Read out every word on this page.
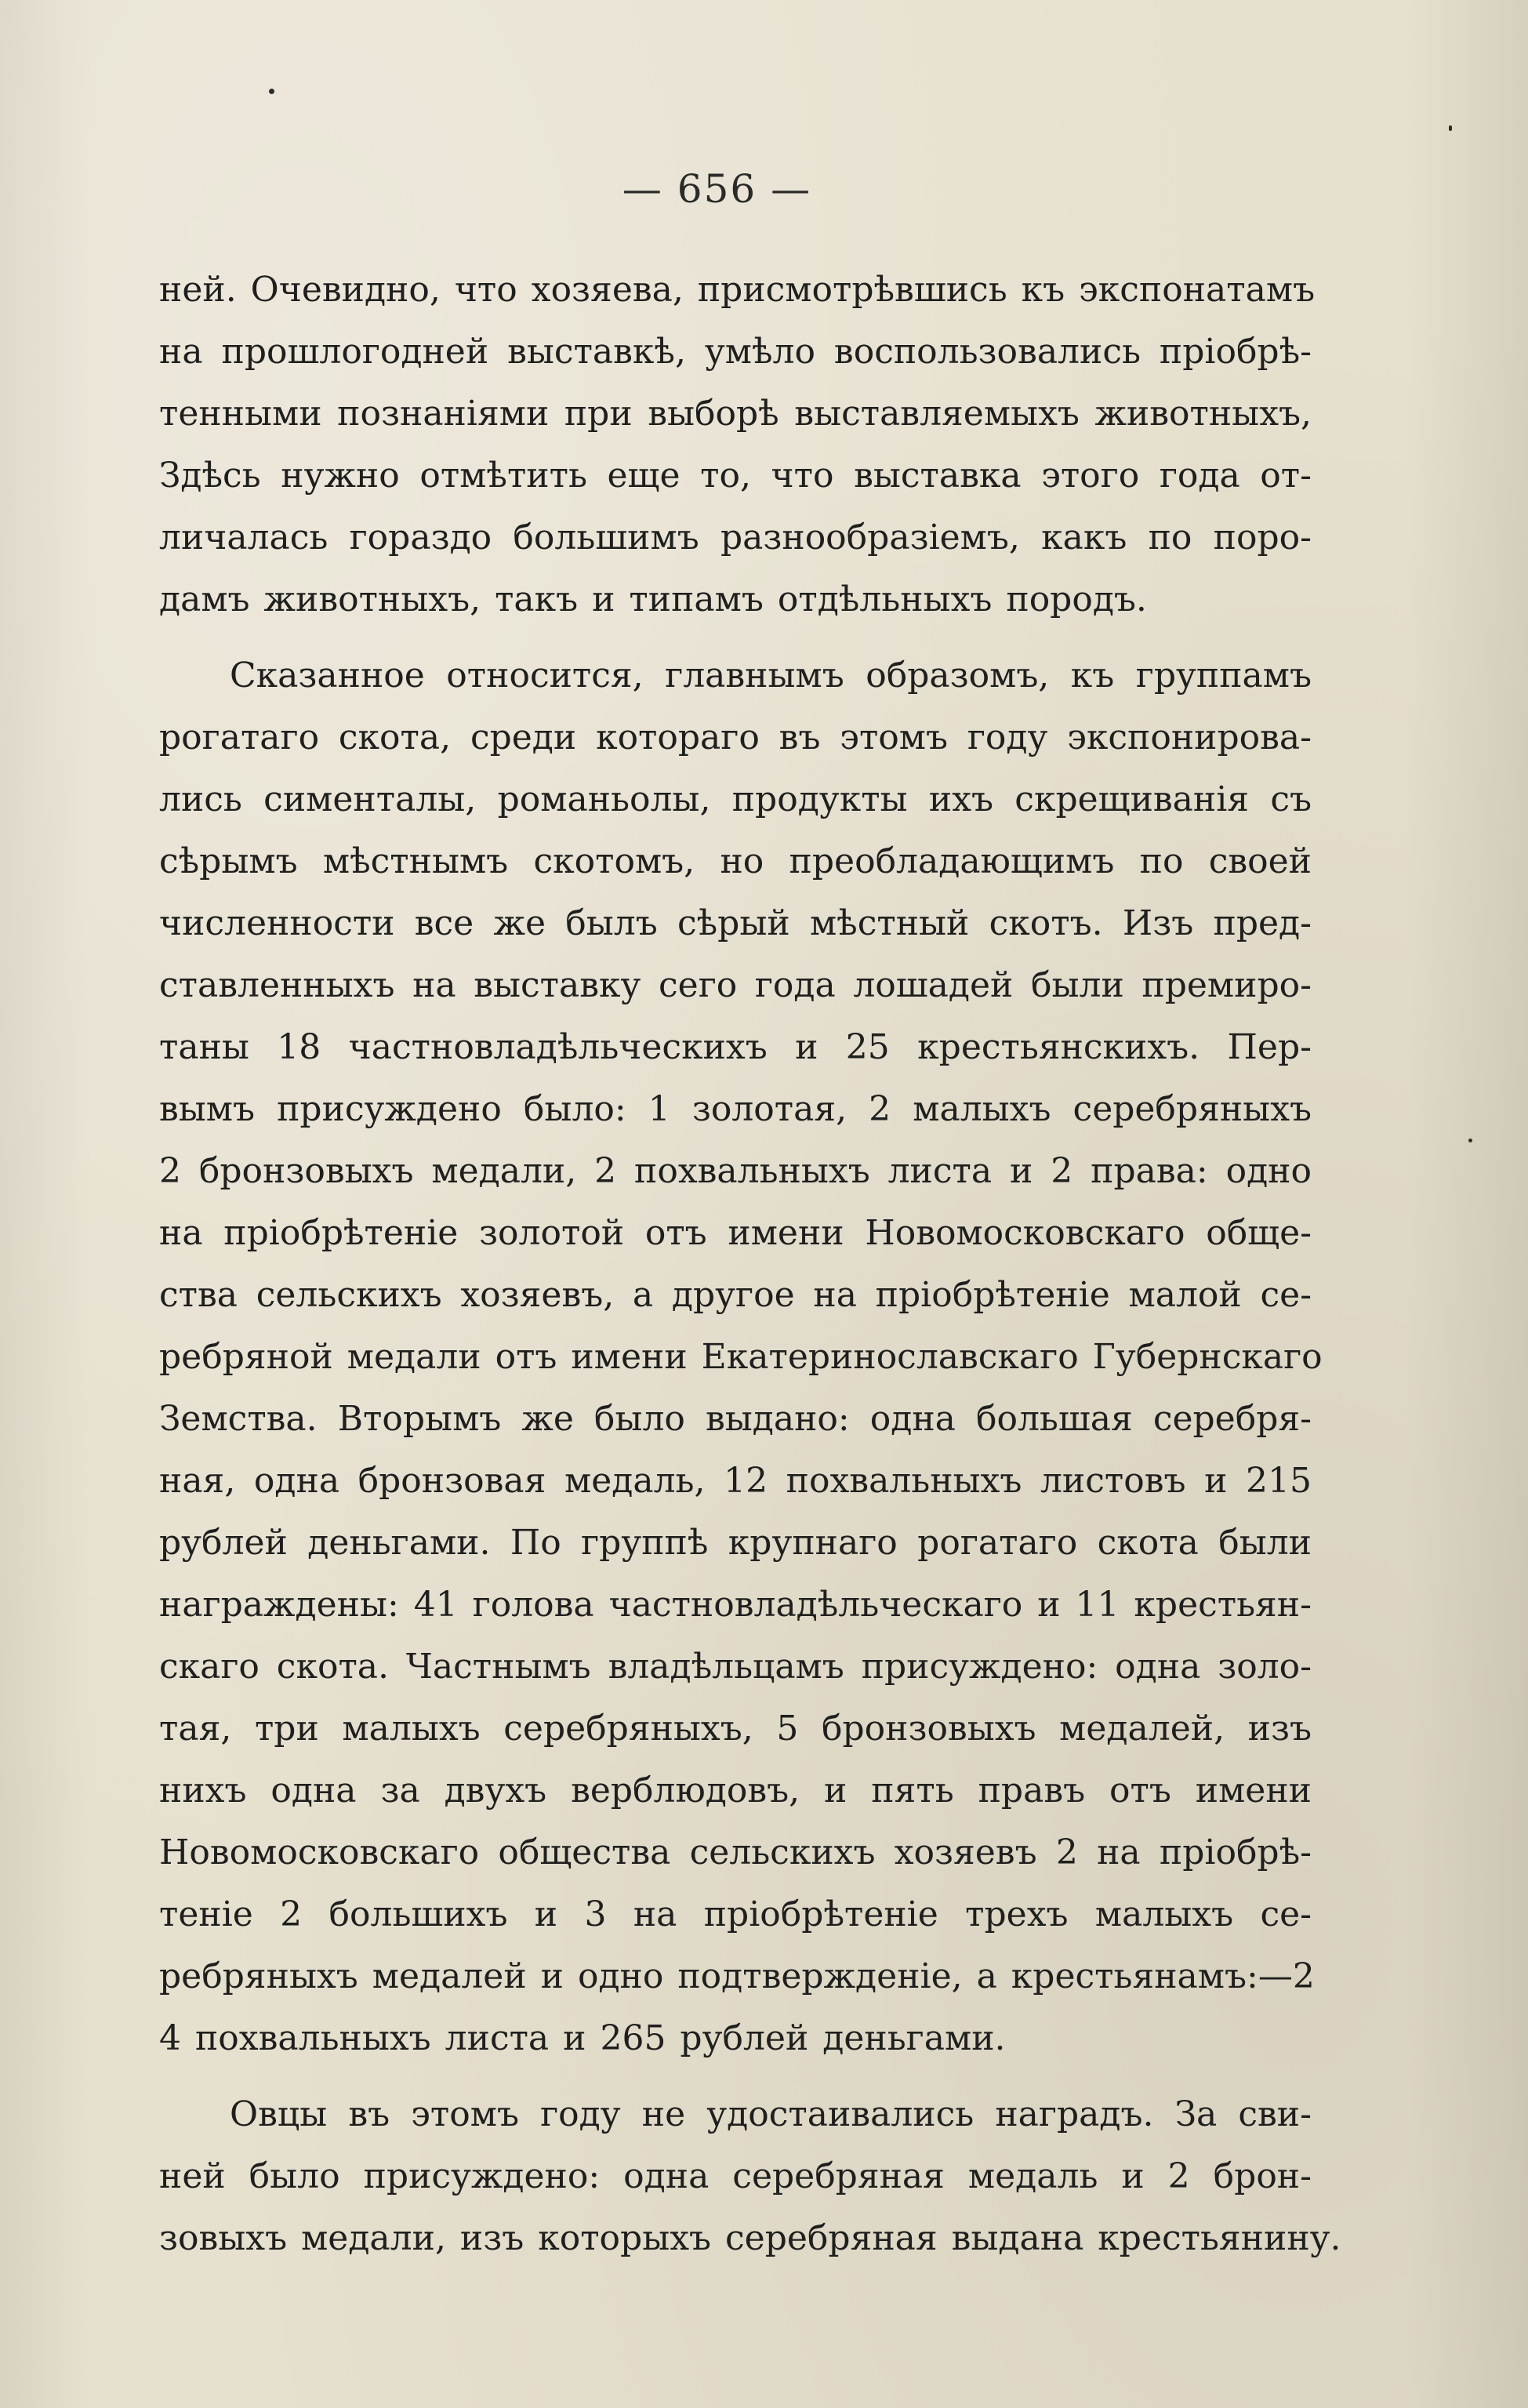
— 656 —
ней. Очевидно, что хозяева, присмотрѣвшись къ экспонатамъ
на прошлогодней выставкѣ, умѣло воспользовались пріобрѣ-
тенными познаніями при выборѣ выставляемыхъ животныхъ,
Здѣсь нужно отмѣтить еще то, что выставка этого года от-
личалась гораздо большимъ разнообразіемъ, какъ по поро-
дамъ животныхъ, такъ и типамъ отдѣльныхъ породъ.
Сказанное относится, главнымъ образомъ, къ группамъ
рогатаго скота, среди котораго въ этомъ году экспонирова-
лись сименталы, романьолы, продукты ихъ скрещиванія съ
сѣрымъ мѣстнымъ скотомъ, но преобладающимъ по своей
численности все же былъ сѣрый мѣстный скотъ. Изъ пред-
ставленныхъ на выставку сего года лошадей были премиро-
таны 18 частновладѣльческихъ и 25 крестьянскихъ. Пер-
вымъ присуждено было: 1 золотая, 2 малыхъ серебряныхъ
2 бронзовыхъ медали, 2 похвальныхъ листа и 2 права: одно
на пріобрѣтеніе золотой отъ имени Новомосковскаго обще-
ства сельскихъ хозяевъ, а другое на пріобрѣтеніе малой се-
ребряной медали отъ имени Екатеринославскаго Губернскаго
Земства. Вторымъ же было выдано: одна большая серебря-
ная, одна бронзовая медаль, 12 похвальныхъ листовъ и 215
рублей деньгами. По группѣ крупнаго рогатаго скота были
награждены: 41 голова частновладѣльческаго и 11 крестьян-
скаго скота. Частнымъ владѣльцамъ присуждено: одна золо-
тая, три малыхъ серебряныхъ, 5 бронзовыхъ медалей, изъ
нихъ одна за двухъ верблюдовъ, и пять правъ отъ имени
Новомосковскаго общества сельскихъ хозяевъ 2 на пріобрѣ-
теніе 2 большихъ и 3 на пріобрѣтеніе трехъ малыхъ се-
ребряныхъ медалей и одно подтвержденіе, а крестьянамъ:—2
4 похвальныхъ листа и 265 рублей деньгами.
Овцы въ этомъ году не удостаивались наградъ. За сви-
ней было присуждено: одна серебряная медаль и 2 брон-
зовыхъ медали, изъ которыхъ серебряная выдана крестьянину.
